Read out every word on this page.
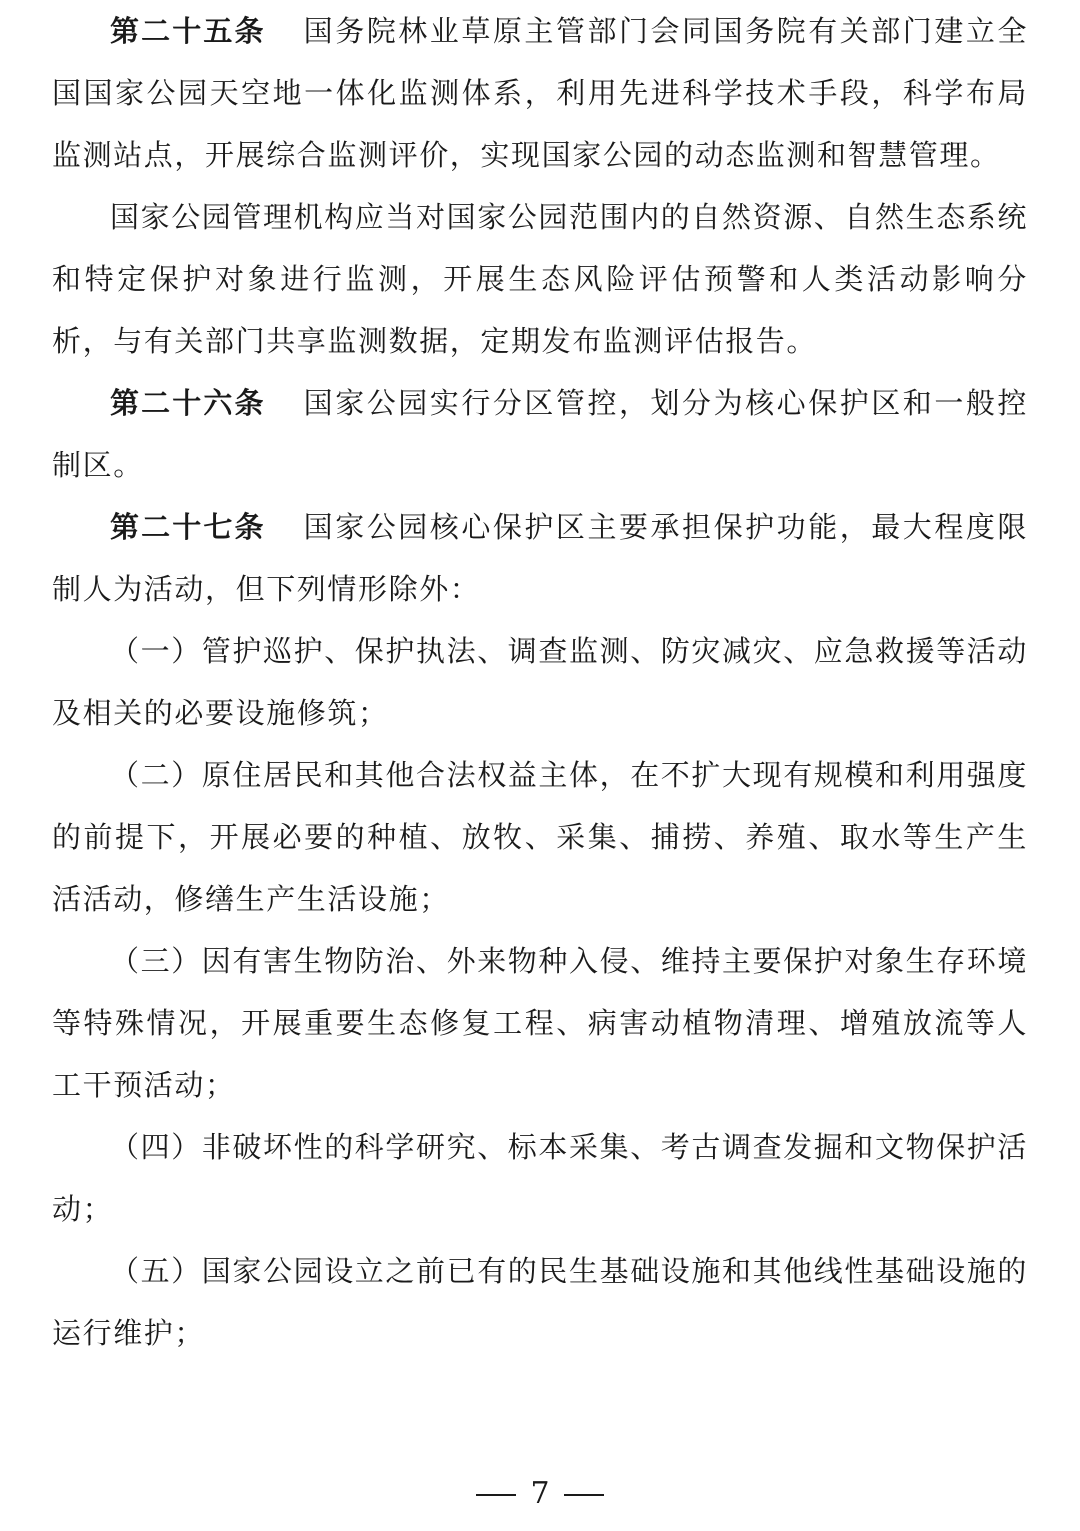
第二十五条 国务院林业草原主管部门会同国务院有关部门建立全国国家公园天空地一体化监测体系，利用先进科学技术手段，科学布局监测站点，开展综合监测评价，实现国家公园的动态监测和智慧管理。

国家公园管理机构应当对国家公园范围内的自然资源、自然生态系统和特定保护对象进行监测，开展生态风险评估预警和人类活动影响分析，与有关部门共享监测数据，定期发布监测评估报告。

第二十六条 国家公园实行分区管控，划分为核心保护区和一般控制区。

第二十七条 国家公园核心保护区主要承担保护功能，最大程度限制人为活动，但下列情形除外：

（一）管护巡护、保护执法、调查监测、防灾减灾、应急救援等活动及相关的必要设施修筑；

（二）原住居民和其他合法权益主体，在不扩大现有规模和利用强度的前提下，开展必要的种植、放牧、采集、捕捞、养殖、取水等生产生活活动，修缮生产生活设施；

（三）因有害生物防治、外来物种入侵、维持主要保护对象生存环境等特殊情况，开展重要生态修复工程、病害动植物清理、增殖放流等人工干预活动；

（四）非破坏性的科学研究、标本采集、考古调查发掘和文物保护活动；

（五）国家公园设立之前已有的民生基础设施和其他线性基础设施的运行维护；

7
